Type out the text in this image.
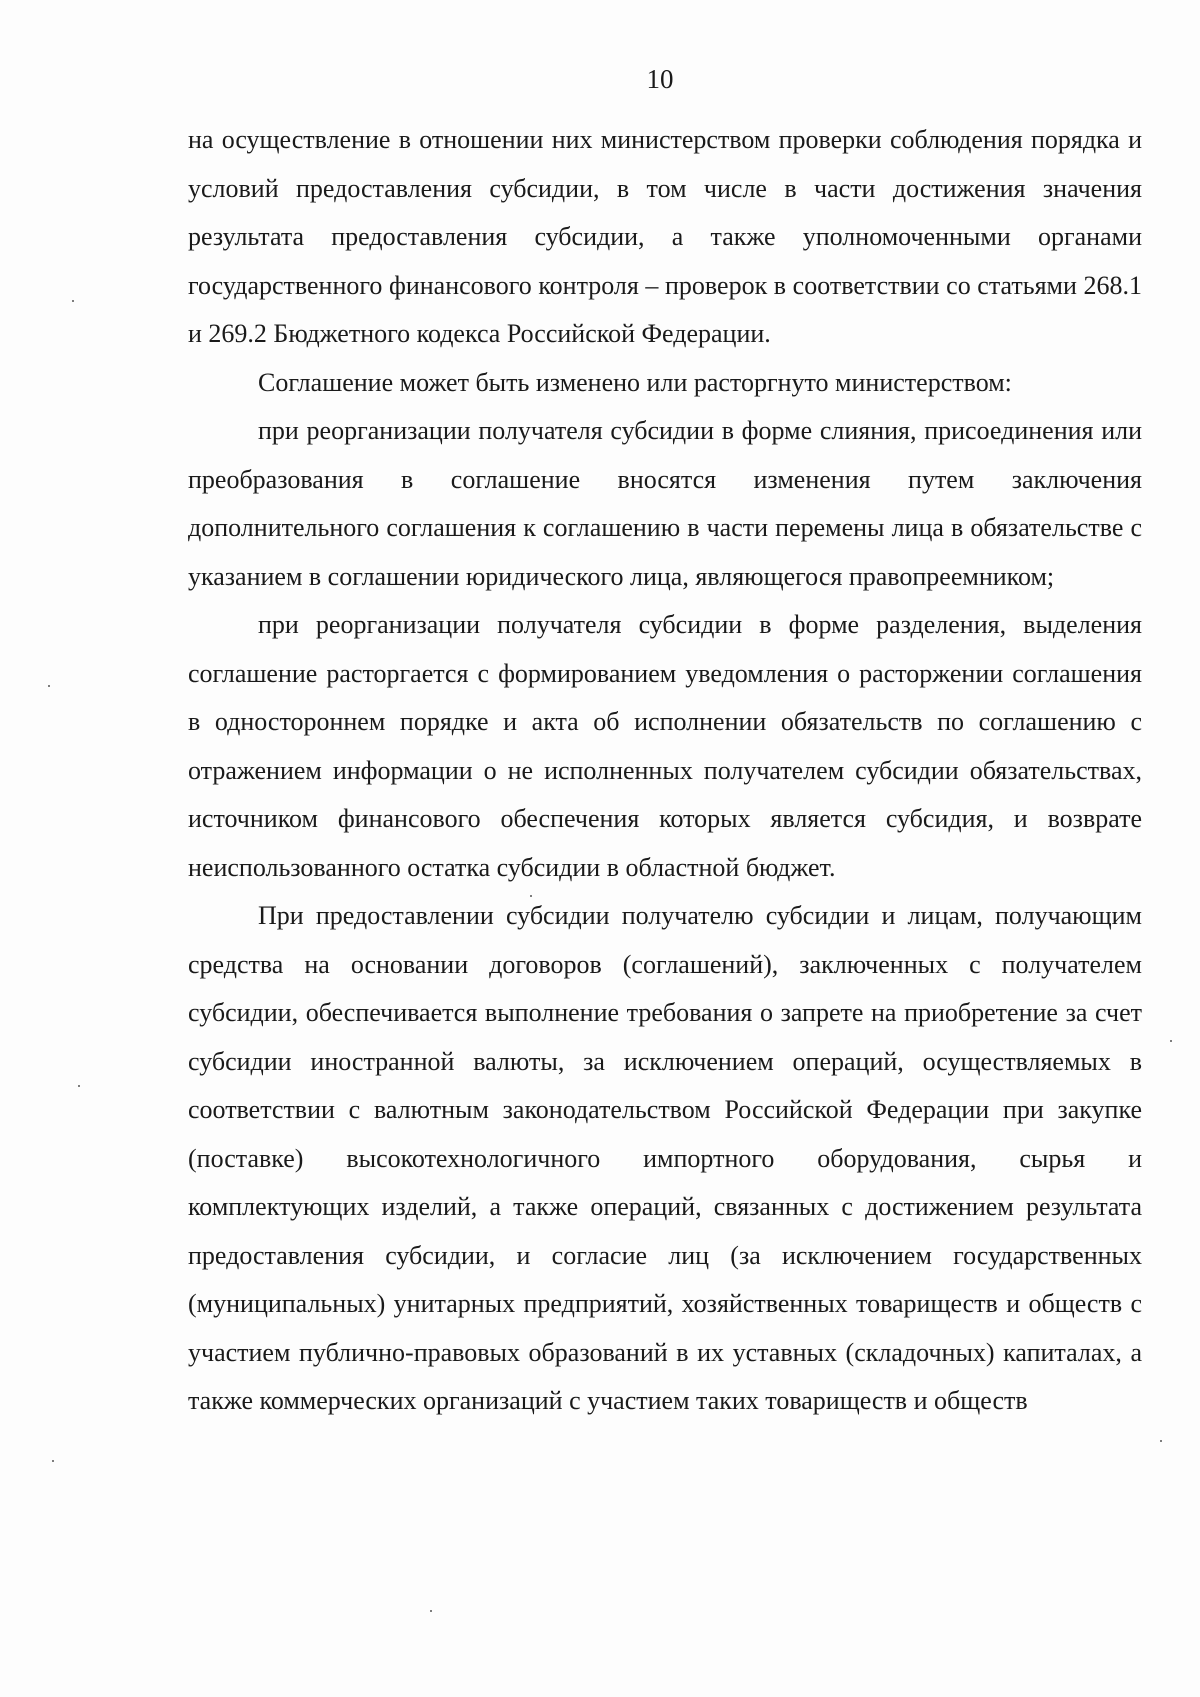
10

на осуществление в отношении них министерством проверки соблюдения порядка и условий предоставления субсидии, в том числе в части достижения значения результата предоставления субсидии, а также уполномоченными органами государственного финансового контроля – проверок в соответствии со статьями 268.1 и 269.2 Бюджетного кодекса Российской Федерации.

Соглашение может быть изменено или расторгнуто министерством:

при реорганизации получателя субсидии в форме слияния, присоединения или преобразования в соглашение вносятся изменения путем заключения дополнительного соглашения к соглашению в части перемены лица в обязательстве с указанием в соглашении юридического лица, являющегося правопреемником;

при реорганизации получателя субсидии в форме разделения, выделения соглашение расторгается с формированием уведомления о расторжении соглашения в одностороннем порядке и акта об исполнении обязательств по соглашению с отражением информации о не исполненных получателем субсидии обязательствах, источником финансового обеспечения которых является субсидия, и возврате неиспользованного остатка субсидии в областной бюджет.

При предоставлении субсидии получателю субсидии и лицам, получающим средства на основании договоров (соглашений), заключенных с получателем субсидии, обеспечивается выполнение требования о запрете на приобретение за счет субсидии иностранной валюты, за исключением операций, осуществляемых в соответствии с валютным законодательством Российской Федерации при закупке (поставке) высокотехнологичного импортного оборудования, сырья и комплектующих изделий, а также операций, связанных с достижением результата предоставления субсидии, и согласие лиц (за исключением государственных (муниципальных) унитарных предприятий, хозяйственных товариществ и обществ с участием публично-правовых образований в их уставных (складочных) капиталах, а также коммерческих организаций с участием таких товариществ и обществ
